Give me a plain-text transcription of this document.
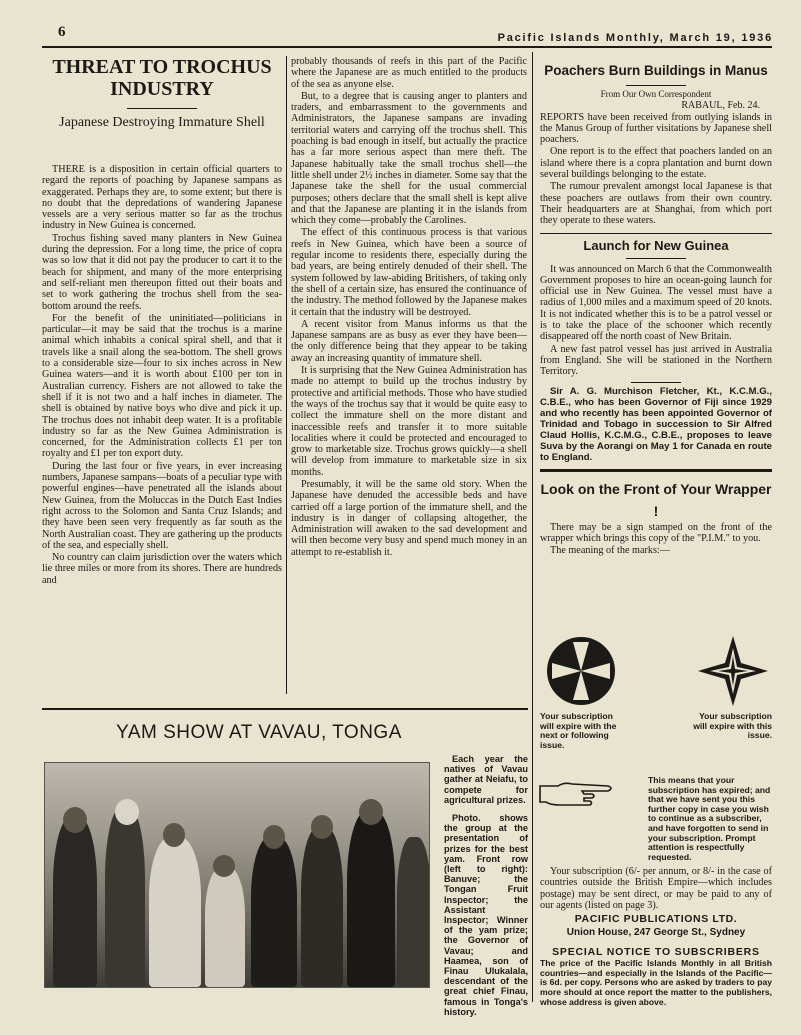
6	Pacific Islands Monthly, March 19, 1936
THREAT TO TROCHUS INDUSTRY
Japanese Destroying Immature Shell

THERE is a disposition in certain official quarters to regard the reports of poaching by Japanese sampans as exaggerated. Perhaps they are, to some extent; but there is no doubt that the depredations of wandering Japanese vessels are a very serious matter so far as the trochus industry in New Guinea is concerned.

Trochus fishing saved many planters in New Guinea during the depression. For a long time, the price of copra was so low that it did not pay the producer to cart it to the beach for shipment, and many of the more enterprising and self-reliant men thereupon fitted out their boats and set to work gathering the trochus shell from the sea-bottom around the reefs.

For the benefit of the uninitiated—politicians in particular—it may be said that the trochus is a marine animal which inhabits a conical spiral shell, and that it travels like a snail along the sea-bottom. The shell grows to a considerable size—four to six inches across in New Guinea waters—and it is worth about £100 per ton in Australian currency. Fishers are not allowed to take the shell if it is not two and a half inches in diameter. The shell is obtained by native boys who dive and pick it up. The trochus does not inhabit deep water. It is a profitable industry so far as the New Guinea Administration is concerned, for the Administration collects £1 per ton royalty and £1 per ton export duty.

During the last four or five years, in ever increasing numbers, Japanese sampans—boats of a peculiar type with powerful engines—have penetrated all the islands about New Guinea, from the Moluccas in the Dutch East Indies right across to the Solomon and Santa Cruz Islands; and they have been seen very frequently as far south as the North Australian coast. They are gathering up the products of the sea, and especially shell.

No country can claim jurisdiction over the waters which lie three miles or more from its shores. There are hundreds and

probably thousands of reefs in this part of the Pacific where the Japanese are as much entitled to the products of the sea as anyone else.

But, to a degree that is causing anger to planters and traders, and embarrassment to the governments and Administrators, the Japanese sampans are invading territorial waters and carrying off the trochus shell. This poaching is bad enough in itself, but actually the practice has a far more serious aspect than mere theft. The Japanese habitually take the small trochus shell—the little shell under 2½ inches in diameter. Some say that the Japanese take the shell for the usual commercial purposes; others declare that the small shell is kept alive and that the Japanese are planting it in the islands from which they come—probably the Carolines.

The effect of this continuous process is that various reefs in New Guinea, which have been a source of regular income to residents there, especially during the bad years, are being entirely denuded of their shell. The system followed by law-abiding Britishers, of taking only the shell of a certain size, has ensured the continuance of the industry. The method followed by the Japanese makes it certain that the industry will be destroyed.

A recent visitor from Manus informs us that the Japanese sampans are as busy as ever they have been—the only difference being that they appear to be taking away an increasing quantity of immature shell.

It is surprising that the New Guinea Administration has made no attempt to build up the trochus industry by protective and artificial methods. Those who have studied the ways of the trochus say that it would be quite easy to collect the immature shell on the more distant and inaccessible reefs and transfer it to more suitable localities where it could be protected and encouraged to grow to marketable size. Trochus grows quickly—a shell will develop from immature to marketable size in six months.

Presumably, it will be the same old story. When the Japanese have denuded the accessible beds and have carried off a large portion of the immature shell, and the industry is in danger of collapsing altogether, the Administration will awaken to the sad development and will then become very busy and spend much money in an attempt to re-establish it.

Poachers Burn Buildings in Manus
From Our Own Correspondent
RABAUL, Feb. 24.

REPORTS have been received from outlying islands in the Manus Group of further visitations by Japanese shell poachers.

One report is to the effect that poachers landed on an island where there is a copra plantation and burnt down several buildings belonging to the estate.

The rumour prevalent amongst local Japanese is that these poachers are outlaws from their own country. Their headquarters are at Shanghai, from which port they operate to these waters.

Launch for New Guinea

It was announced on March 6 that the Commonwealth Government proposes to hire an ocean-going launch for official use in New Guinea. The vessel must have a radius of 1,000 miles and a maximum speed of 20 knots. It is not indicated whether this is to be a patrol vessel or is to take the place of the schooner which recently disappeared off the north coast of New Britain.

A new fast patrol vessel has just arrived in Australia from England. She will be stationed in the Northern Territory.

Sir A. G. Murchison Fletcher, Kt., K.C.M.G., C.B.E., who has been Governor of Fiji since 1929 and who recently has been appointed Governor of Trinidad and Tobago in succession to Sir Alfred Claud Hollis, K.C.M.G., C.B.E., proposes to leave Suva by the Aorangi on May 1 for Canada en route to England.

Look on the Front of Your Wrapper !

There may be a sign stamped on the front of the wrapper which brings this copy of the "P.I.M." to you.

The meaning of the marks:—

Your subscription will expire with the next or following issue.
Your subscription will expire with this issue.
This means that your subscription has expired; and that we have sent you this further copy in case you wish to continue as a subscriber, and have forgotten to send in your subscription. Prompt attention is respectfully requested.

Your subscription (6/- per annum, or 8/- in the case of countries outside the British Empire—which includes postage) may be sent direct, or may be paid to any of our agents (listed on page 3).

PACIFIC PUBLICATIONS LTD.
Union House, 247 George St., Sydney
SPECIAL NOTICE TO SUBSCRIBERS

The price of the Pacific Islands Monthly in all British countries—and especially in the Islands of the Pacific—is 6d. per copy. Persons who are asked by traders to pay more should at once report the matter to the publishers, whose address is given above.

YAM SHOW AT VAVAU, TONGA
Each year the natives of Vavau gather at Neiafu, to compete for agricultural prizes.
Photo. shows the group at the presentation of prizes for the best yam. Front row (left to right): Banuve; the Tongan Fruit Inspector; the Assistant Inspector; Winner of the yam prize; the Governor of Vavau; and Haamea, son of Finau Ulukalala, descendant of the great chief Finau, famous in Tonga's history.
